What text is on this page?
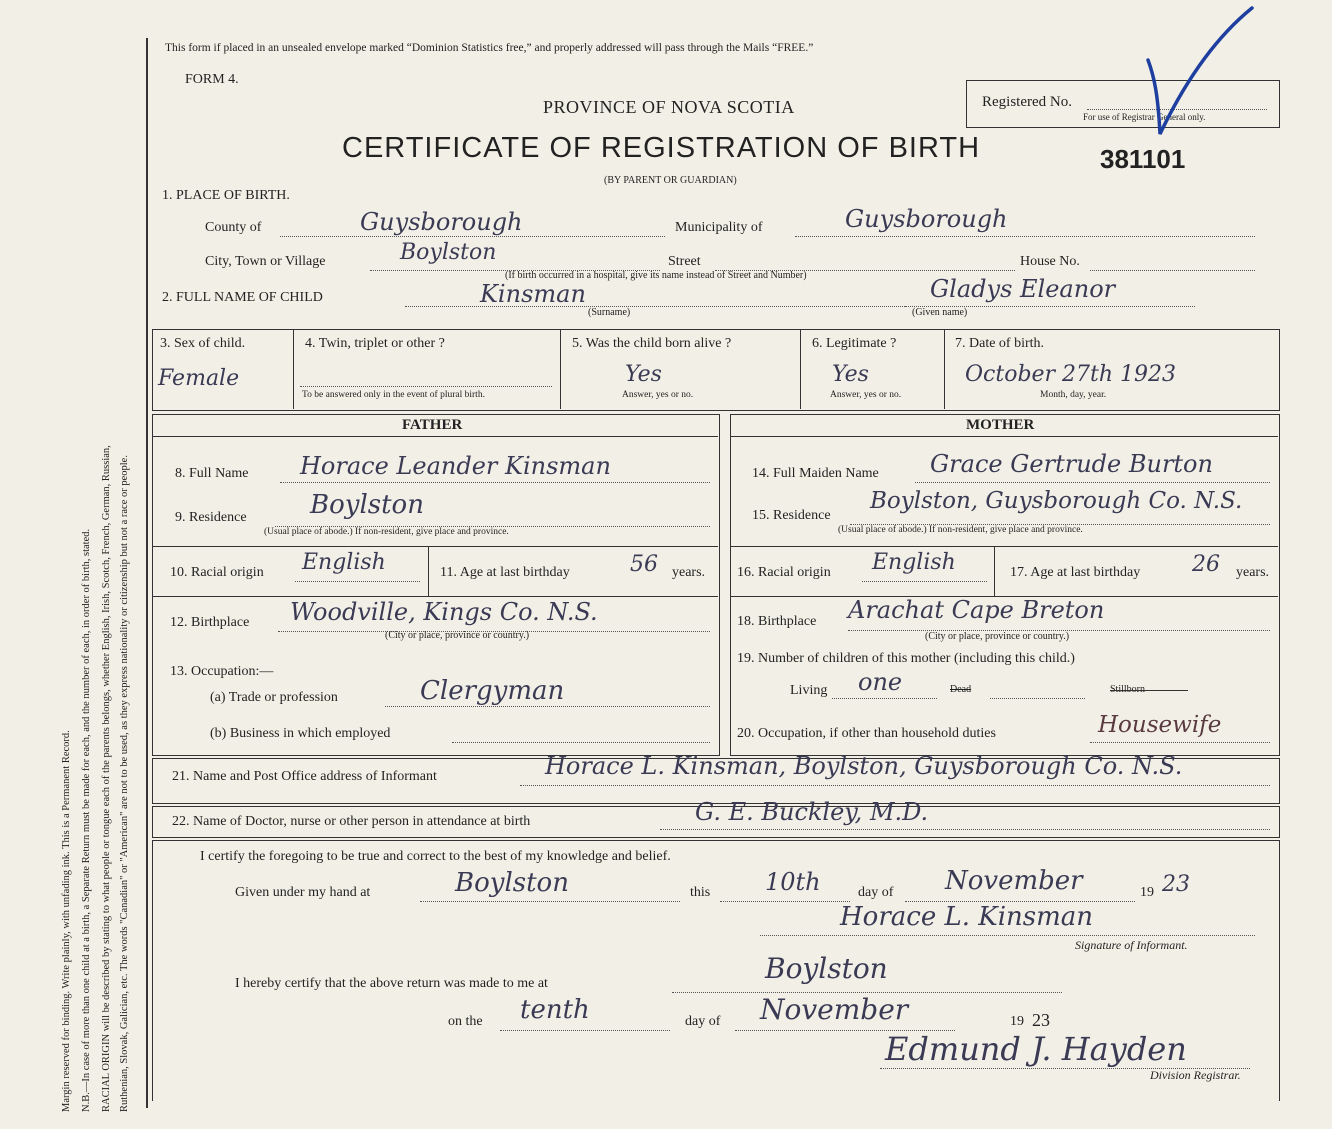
Margin reserved for binding. Write plainly, with unfading ink. This is a Permanent Record. N.B.—In case of more than one child at a birth, a Separate Return must be made for each, and the number of each, in order of birth, stated. RACIAL ORIGIN will be described by stating to what people or tongue each of the parents belongs, whether English, Irish, Scotch, French, German, Russian, Ruthenian, Slovak, Galician, etc. The words "Canadian" or "American" are not to be used, as they express nationality or citizenship but not a race or people.
This form if placed in an unsealed envelope marked “Dominion Statistics free,” and properly addressed will pass through the Mails “FREE.”
FORM 4.
PROVINCE OF NOVA SCOTIA
CERTIFICATE OF REGISTRATION OF BIRTH
(BY PARENT OR GUARDIAN)
381101
Registered No.
For use of Registrar General only.
1. PLACE OF BIRTH.
County of	Guysborough	Municipality of	Guysborough
City, Town or Village	Boylston	Street	House No.
(If birth occurred in a hospital, give its name instead of Street and Number)
2. FULL NAME OF CHILD	Kinsman
(Surname)
Gladys Eleanor
(Given name)
3. Sex of child.
Female
4. Twin, triplet or other ?
To be answered only in the event of plural birth.
5. Was the child born alive ?
Yes
Answer, yes or no.
6. Legitimate ?
Yes
Answer, yes or no.
7. Date of birth.
October 27th 1923
Month, day, year.
FATHER	MOTHER
8. Full Name Horace Leander Kinsman
9. Residence Boylston
(Usual place of abode.) If non-resident, give place and province.
10. Racial origin English	11. Age at last birthday	56 years.
12. Birthplace Woodville, Kings Co. N.S.
(City or place, province or country.)
13. Occupation:—
(a) Trade or profession	Clergyman
(b) Business in which employed
14. Full Maiden Name Grace Gertrude Burton
15. Residence
Boylston, Guysborough Co. N.S.
(Usual place of abode.) If non-resident, give place and province.
16. Racial origin English	17. Age at last birthday 26 years.
18. Birthplace Arachat Cape Breton
(City or place, province or country.)
19. Number of children of this mother (including this child.)
Living one	Dead
20. Occupation, if other than household duties	Housewife
21. Name and Post Office address of Informant	Horace L. Kinsman, Boylston, Guysborough Co. N.S.
22. Name of Doctor, nurse or other person in attendance at birth	G. E. Buckley, M.D.
I certify the foregoing to be true and correct to the best of my knowledge and belief.
Given under my hand at	Boylston	this 10th	day of November	19 23
Horace L. Kinsman
Signature of Informant.
I hereby certify that the above return was made to me at	Boylston
on the tenth	day of November	19 23
Edmund J. Hayden
Division Registrar.
